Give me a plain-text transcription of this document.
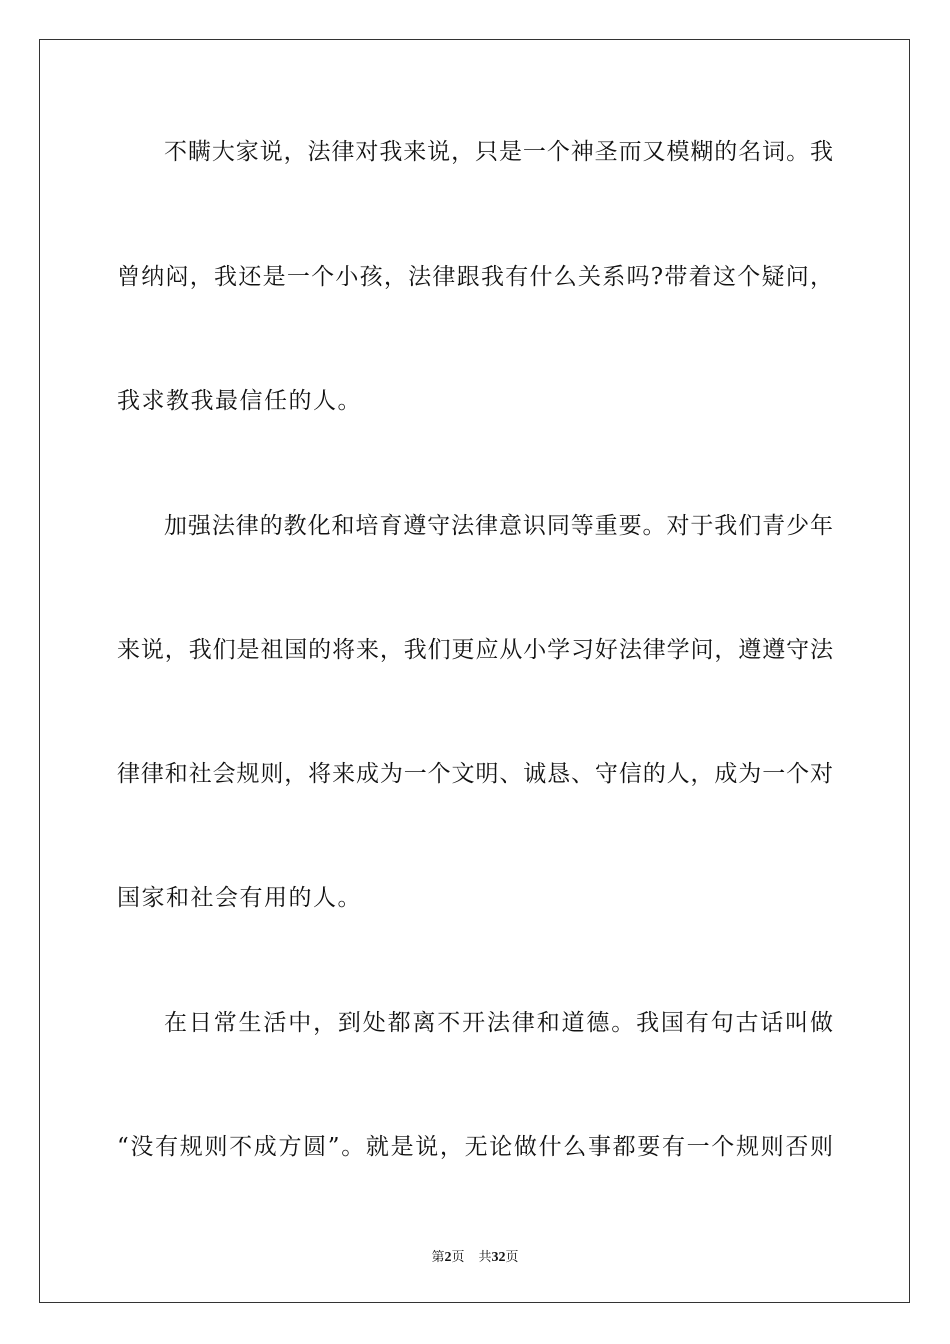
不瞒大家说，法律对我来说，只是一个神圣而又模糊的名词。我
曾纳闷，我还是一个小孩，法律跟我有什么关系吗?带着这个疑问，
我求教我最信任的人。
加强法律的教化和培育遵守法律意识同等重要。对于我们青少年
来说，我们是祖国的将来，我们更应从小学习好法律学问，遵遵守法
律律和社会规则，将来成为一个文明、诚恳、守信的人，成为一个对
国家和社会有用的人。
在日常生活中，到处都离不开法律和道德。我国有句古话叫做
“没有规则不成方圆”。就是说，无论做什么事都要有一个规则否则
第2页 共32页
